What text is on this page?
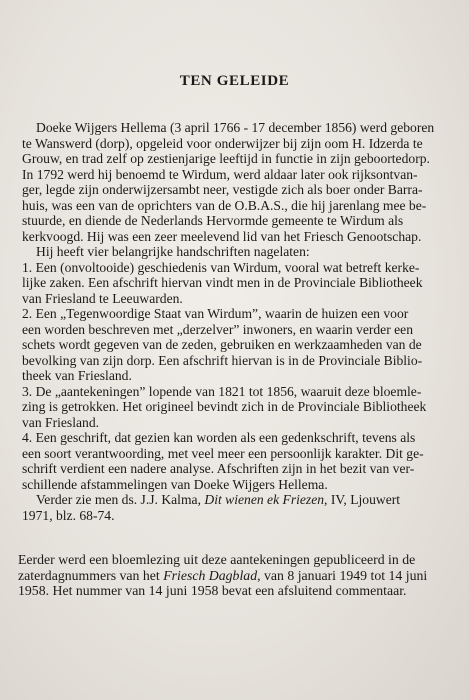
TEN GELEIDE
Doeke Wijgers Hellema (3 april 1766 - 17 december 1856) werd geboren
te Wanswerd (dorp), opgeleid voor onderwijzer bij zijn oom H. Idzerda te
Grouw, en trad zelf op zestienjarige leeftijd in functie in zijn geboortedorp.
In 1792 werd hij benoemd te Wirdum, werd aldaar later ook rijksontvan-
ger, legde zijn onderwijzersambt neer, vestigde zich als boer onder Barra-
huis, was een van de oprichters van de O.B.A.S., die hij jarenlang mee be-
stuurde, en diende de Nederlands Hervormde gemeente te Wirdum als
kerkvoogd. Hij was een zeer meelevend lid van het Friesch Genootschap.
Hij heeft vier belangrijke handschriften nagelaten:
1. Een (onvoltooide) geschiedenis van Wirdum, vooral wat betreft kerke-
lijke zaken. Een afschrift hiervan vindt men in de Provinciale Bibliotheek
van Friesland te Leeuwarden.
2. Een „Tegenwoordige Staat van Wirdum”, waarin de huizen een voor
een worden beschreven met „derzelver” inwoners, en waarin verder een
schets wordt gegeven van de zeden, gebruiken en werkzaamheden van de
bevolking van zijn dorp. Een afschrift hiervan is in de Provinciale Biblio-
theek van Friesland.
3. De „aantekeningen” lopende van 1821 tot 1856, waaruit deze bloemle-
zing is getrokken. Het origineel bevindt zich in de Provinciale Bibliotheek
van Friesland.
4. Een geschrift, dat gezien kan worden als een gedenkschrift, tevens als
een soort verantwoording, met veel meer een persoonlijk karakter. Dit ge-
schrift verdient een nadere analyse. Afschriften zijn in het bezit van ver-
schillende afstammelingen van Doeke Wijgers Hellema.
Verder zie men ds. J.J. Kalma, Dit wienen ek Friezen, IV, Ljouwert
1971, blz. 68-74.
Eerder werd een bloemlezing uit deze aantekeningen gepubliceerd in de
zaterdagnummers van het Friesch Dagblad, van 8 januari 1949 tot 14 juni
1958. Het nummer van 14 juni 1958 bevat een afsluitend commentaar.
